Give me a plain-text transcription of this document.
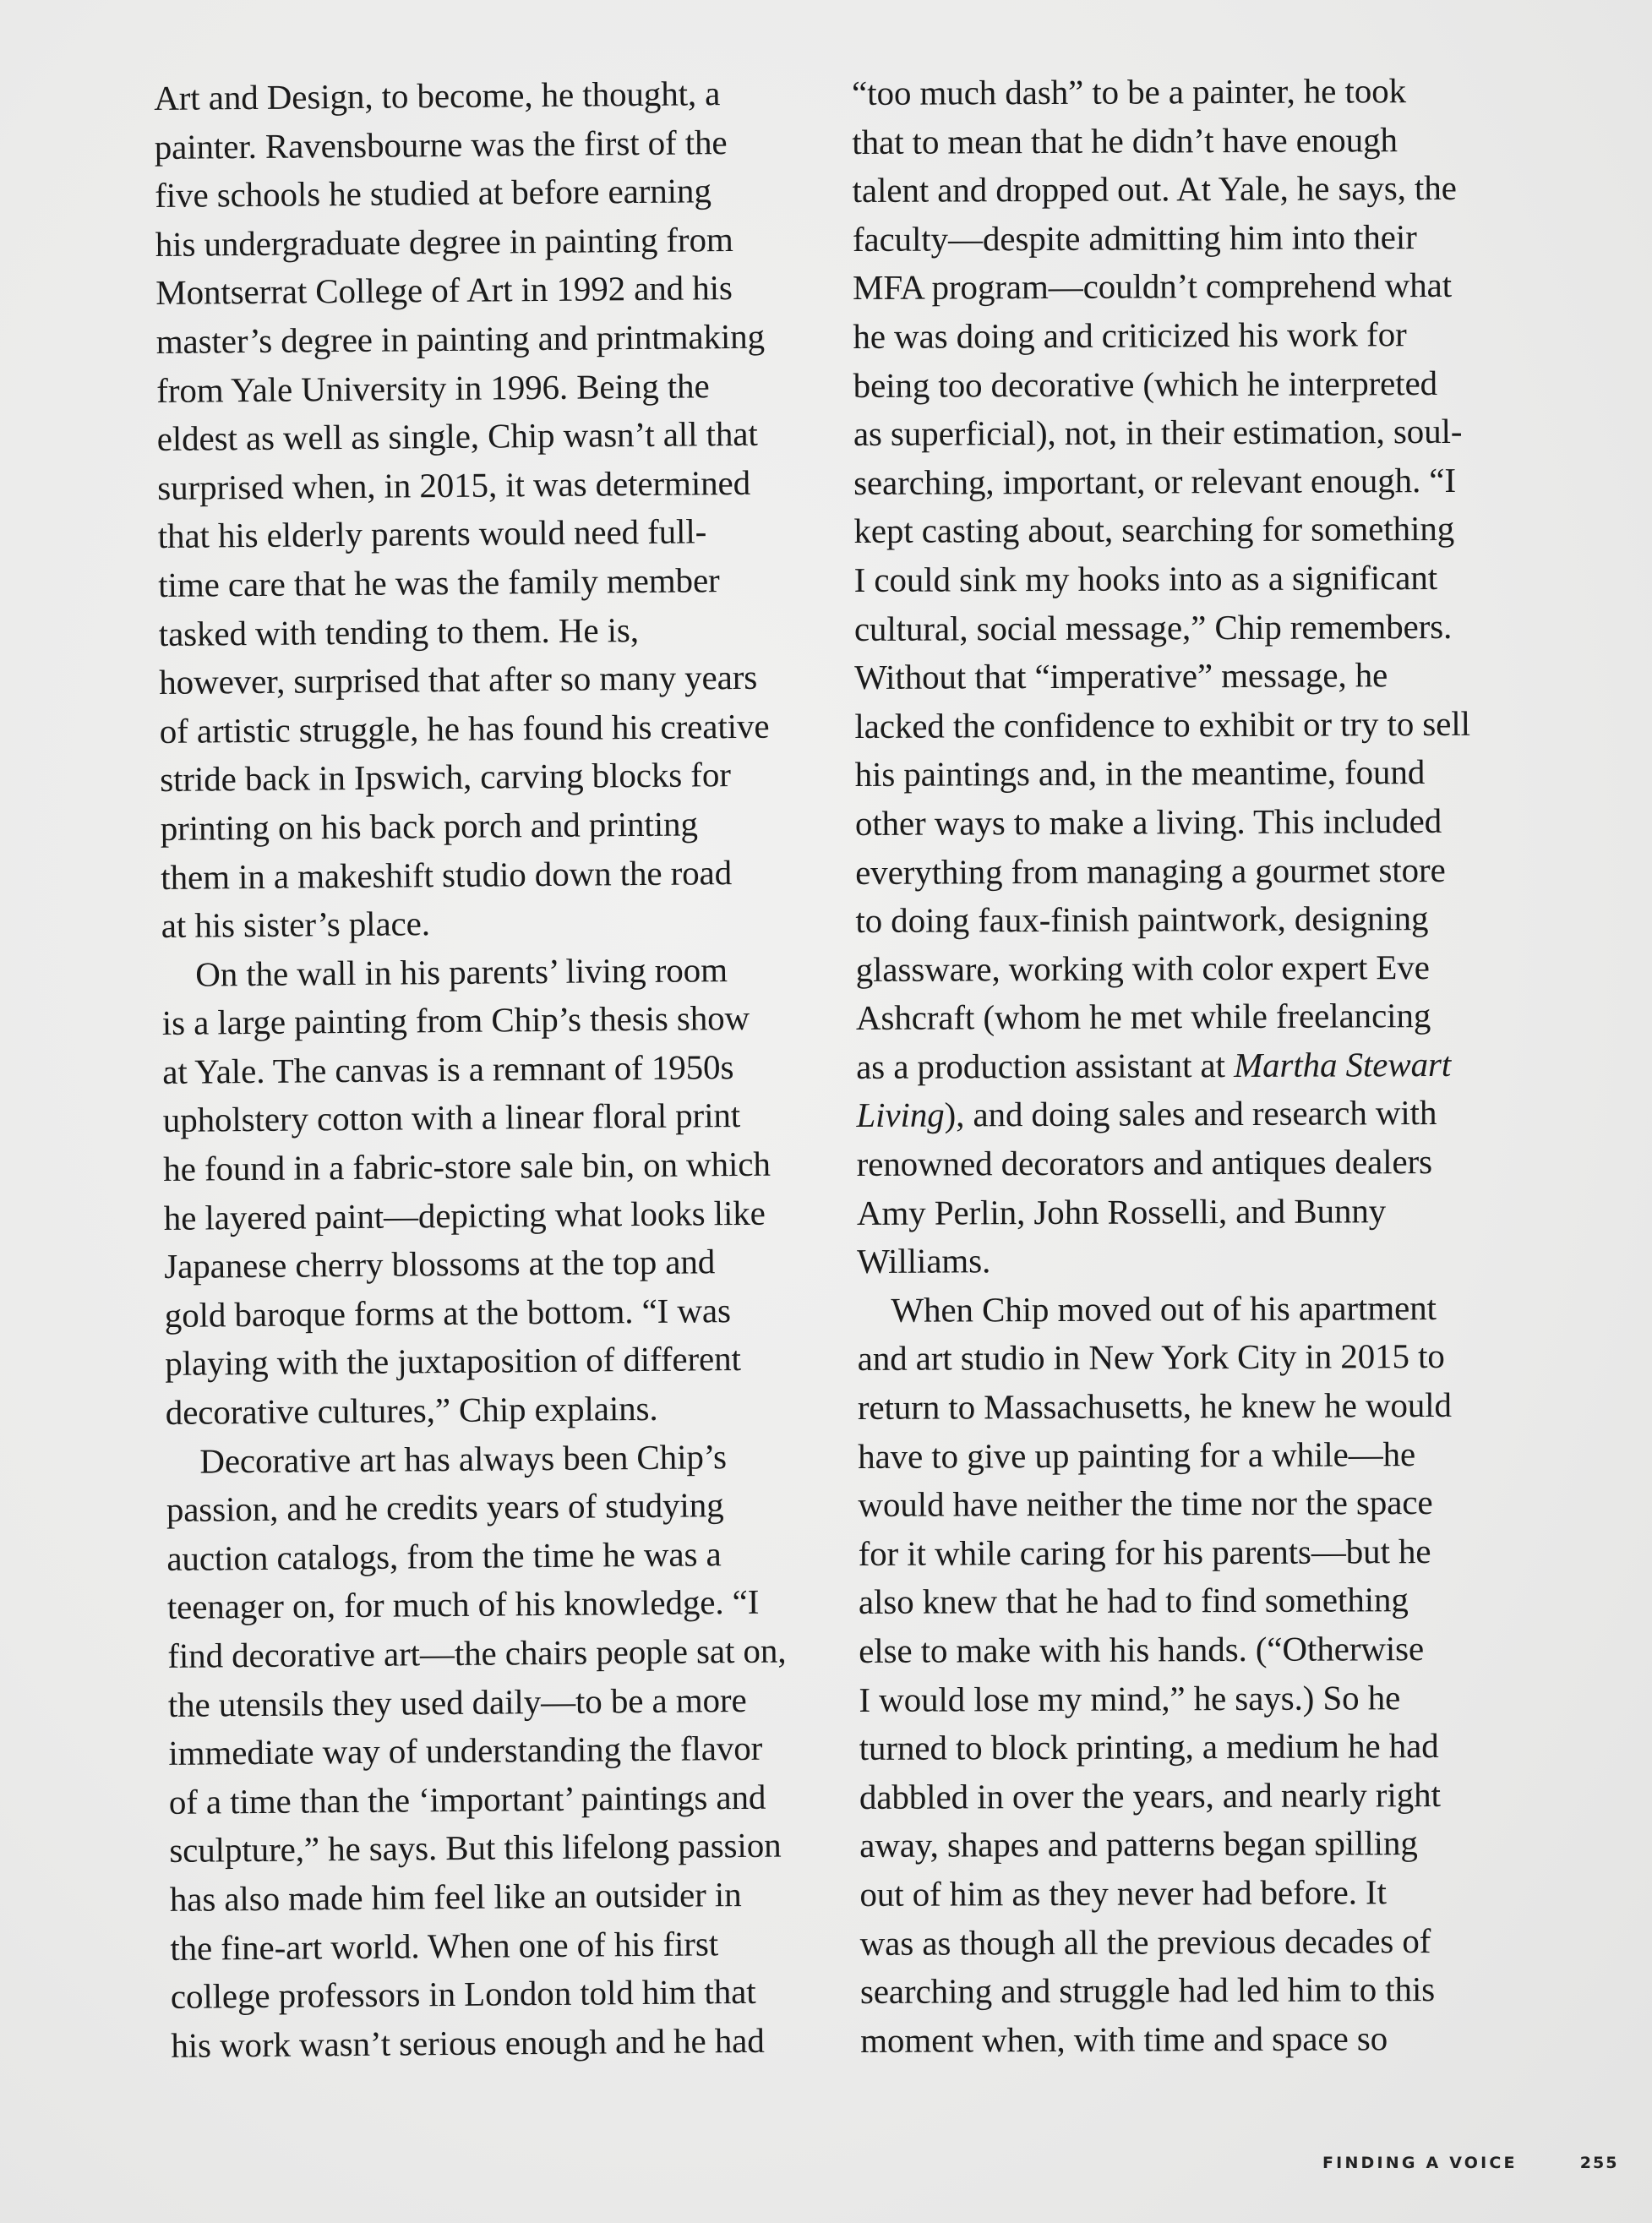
Art and Design, to become, he thought, a
painter. Ravensbourne was the first of the
five schools he studied at before earning
his undergraduate degree in painting from
Montserrat College of Art in 1992 and his
master’s degree in painting and printmaking
from Yale University in 1996. Being the
eldest as well as single, Chip wasn’t all that
surprised when, in 2015, it was determined
that his elderly parents would need full-
time care that he was the family member
tasked with tending to them. He is,
however, surprised that after so many years
of artistic struggle, he has found his creative
stride back in Ipswich, carving blocks for
printing on his back porch and printing
them in a makeshift studio down the road
at his sister’s place.
On the wall in his parents’ living room
is a large painting from Chip’s thesis show
at Yale. The canvas is a remnant of 1950s
upholstery cotton with a linear floral print
he found in a fabric-store sale bin, on which
he layered paint—depicting what looks like
Japanese cherry blossoms at the top and
gold baroque forms at the bottom. “I was
playing with the juxtaposition of different
decorative cultures,” Chip explains.
Decorative art has always been Chip’s
passion, and he credits years of studying
auction catalogs, from the time he was a
teenager on, for much of his knowledge. “I
find decorative art—the chairs people sat on,
the utensils they used daily—to be a more
immediate way of understanding the flavor
of a time than the ‘important’ paintings and
sculpture,” he says. But this lifelong passion
has also made him feel like an outsider in
the fine-art world. When one of his first
college professors in London told him that
his work wasn’t serious enough and he had
“too much dash” to be a painter, he took
that to mean that he didn’t have enough
talent and dropped out. At Yale, he says, the
faculty—despite admitting him into their
MFA program—couldn’t comprehend what
he was doing and criticized his work for
being too decorative (which he interpreted
as superficial), not, in their estimation, soul-
searching, important, or relevant enough. “I
kept casting about, searching for something
I could sink my hooks into as a significant
cultural, social message,” Chip remembers.
Without that “imperative” message, he
lacked the confidence to exhibit or try to sell
his paintings and, in the meantime, found
other ways to make a living. This included
everything from managing a gourmet store
to doing faux-finish paintwork, designing
glassware, working with color expert Eve
Ashcraft (whom he met while freelancing
as a production assistant at Martha Stewart
Living), and doing sales and research with
renowned decorators and antiques dealers
Amy Perlin, John Rosselli, and Bunny
Williams.
When Chip moved out of his apartment
and art studio in New York City in 2015 to
return to Massachusetts, he knew he would
have to give up painting for a while—he
would have neither the time nor the space
for it while caring for his parents—but he
also knew that he had to find something
else to make with his hands. (“Otherwise
I would lose my mind,” he says.) So he
turned to block printing, a medium he had
dabbled in over the years, and nearly right
away, shapes and patterns began spilling
out of him as they never had before. It
was as though all the previous decades of
searching and struggle had led him to this
moment when, with time and space so
FINDING A VOICE	255
